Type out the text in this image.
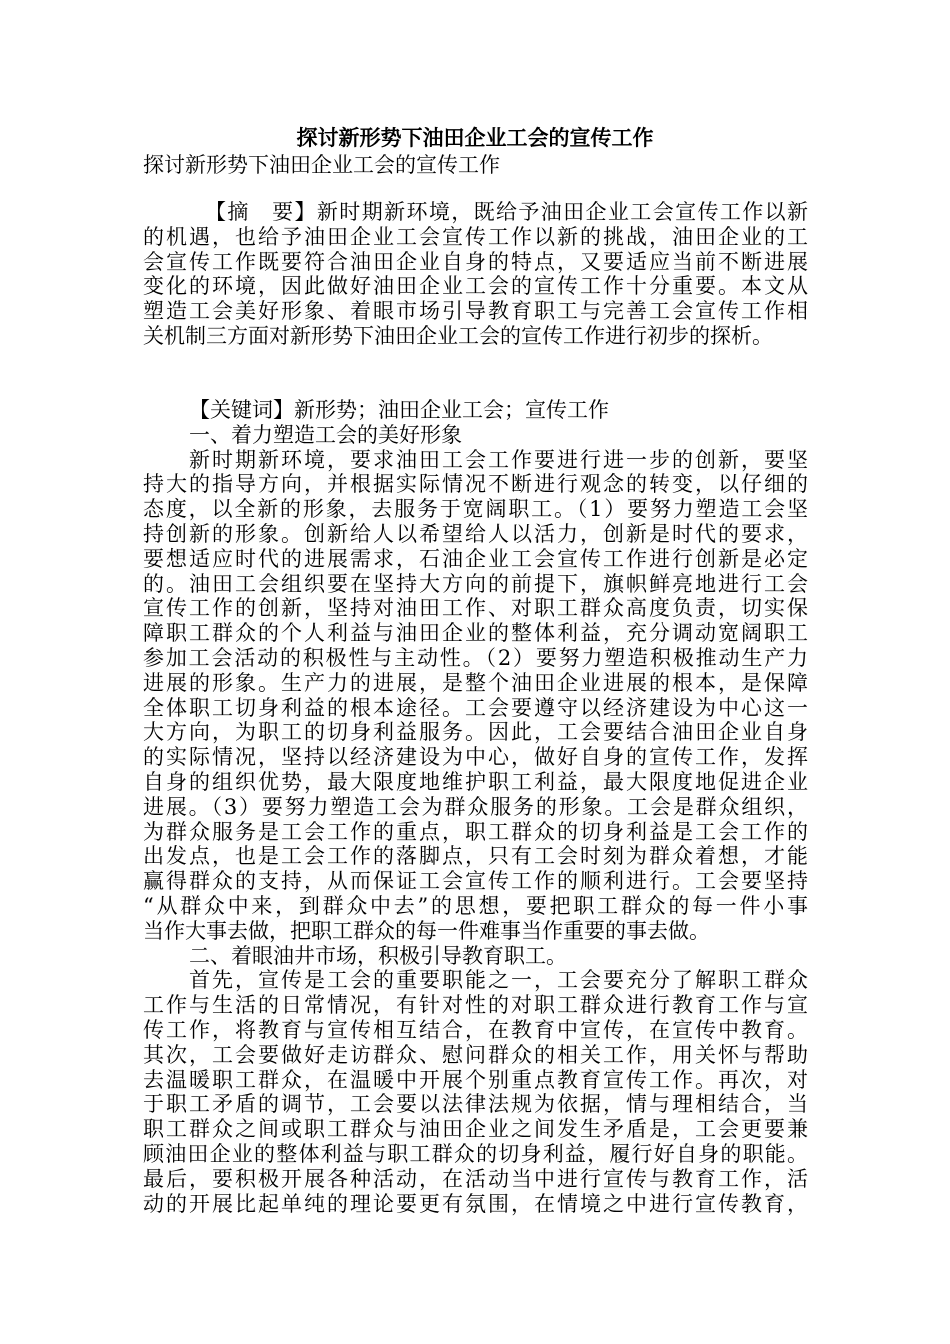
探讨新形势下油田企业工会的宣传工作

探讨新形势下油田企业工会的宣传工作

【摘　要】新时期新环境，既给予油田企业工会宣传工作以新
的机遇，也给予油田企业工会宣传工作以新的挑战，油田企业的工
会宣传工作既要符合油田企业自身的特点，又要适应当前不断进展
变化的环境，因此做好油田企业工会的宣传工作十分重要。本文从
塑造工会美好形象、着眼市场引导教育职工与完善工会宣传工作相
关机制三方面对新形势下油田企业工会的宣传工作进行初步的探析。
【关键词】新形势；油田企业工会；宣传工作
一、着力塑造工会的美好形象
新时期新环境，要求油田工会工作要进行进一步的创新，要坚
持大的指导方向，并根据实际情况不断进行观念的转变，以仔细的
态度，以全新的形象，去服务于宽阔职工。（1）要努力塑造工会坚
持创新的形象。创新给人以希望给人以活力，创新是时代的要求，
要想适应时代的进展需求，石油企业工会宣传工作进行创新是必定
的。油田工会组织要在坚持大方向的前提下，旗帜鲜亮地进行工会
宣传工作的创新，坚持对油田工作、对职工群众高度负责，切实保
障职工群众的个人利益与油田企业的整体利益，充分调动宽阔职工
参加工会活动的积极性与主动性。（2）要努力塑造积极推动生产力
进展的形象。生产力的进展，是整个油田企业进展的根本，是保障
全体职工切身利益的根本途径。工会要遵守以经济建设为中心这一
大方向，为职工的切身利益服务。因此，工会要结合油田企业自身
的实际情况，坚持以经济建设为中心，做好自身的宣传工作，发挥
自身的组织优势，最大限度地维护职工利益，最大限度地促进企业
进展。（3）要努力塑造工会为群众服务的形象。工会是群众组织，
为群众服务是工会工作的重点，职工群众的切身利益是工会工作的
出发点，也是工会工作的落脚点，只有工会时刻为群众着想，才能
赢得群众的支持，从而保证工会宣传工作的顺利进行。工会要坚持
“从群众中来，到群众中去”的思想，要把职工群众的每一件小事
当作大事去做，把职工群众的每一件难事当作重要的事去做。
二、着眼油井市场，积极引导教育职工。
首先，宣传是工会的重要职能之一，工会要充分了解职工群众
工作与生活的日常情况，有针对性的对职工群众进行教育工作与宣
传工作，将教育与宣传相互结合，在教育中宣传，在宣传中教育。
其次，工会要做好走访群众、慰问群众的相关工作，用关怀与帮助
去温暖职工群众，在温暖中开展个别重点教育宣传工作。再次，对
于职工矛盾的调节，工会要以法律法规为依据，情与理相结合，当
职工群众之间或职工群众与油田企业之间发生矛盾是，工会更要兼
顾油田企业的整体利益与职工群众的切身利益，履行好自身的职能。
最后，要积极开展各种活动，在活动当中进行宣传与教育工作，活
动的开展比起单纯的理论要更有氛围，在情境之中进行宣传教育，
